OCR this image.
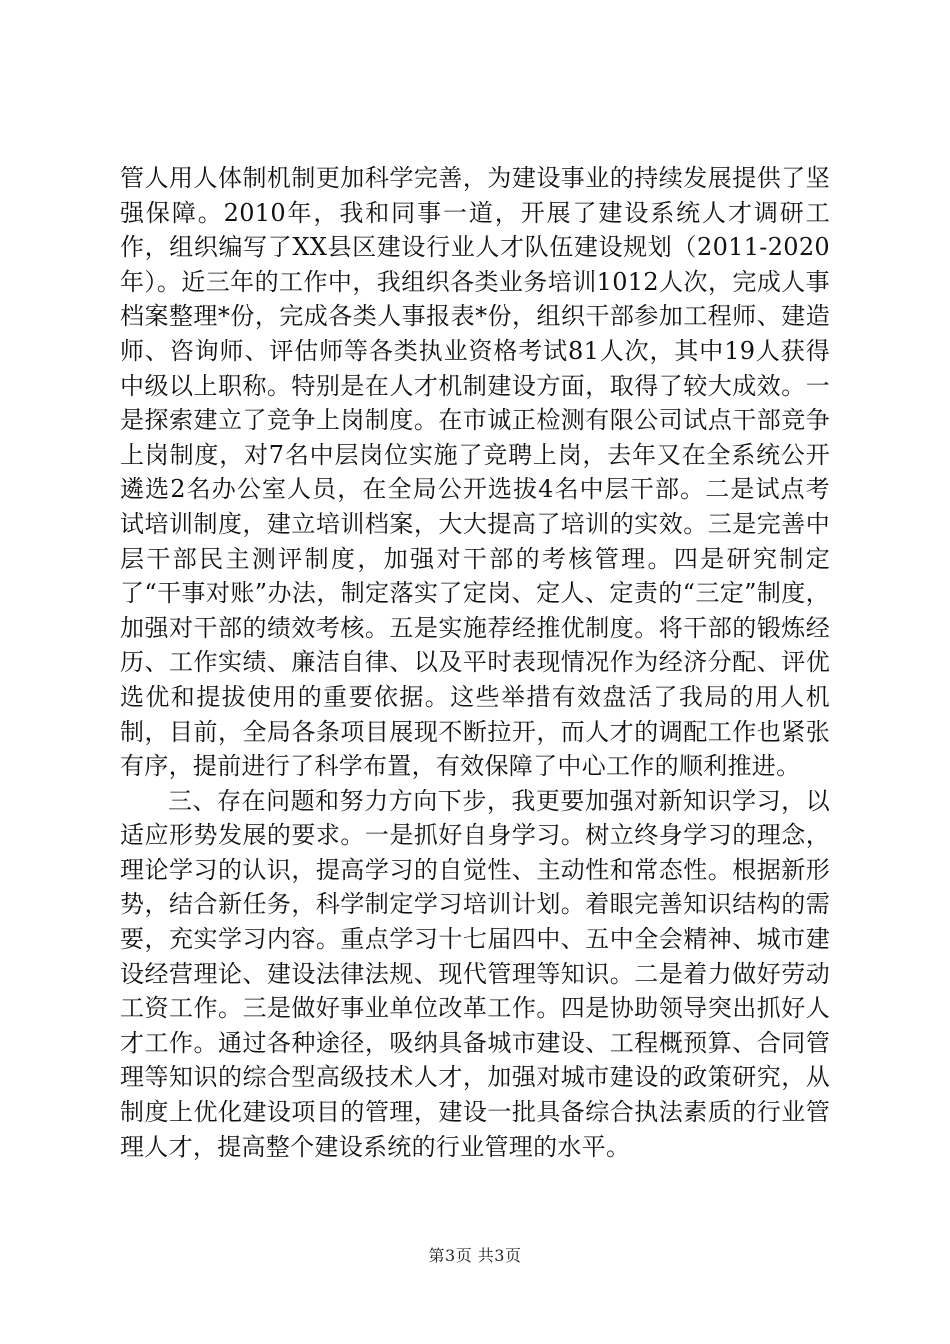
管人用人体制机制更加科学完善，为建设事业的持续发展提供了坚强保障。2010年，我和同事一道，开展了建设系统人才调研工作，组织编写了XX县区建设行业人才队伍建设规划（2011-2020年）。近三年的工作中，我组织各类业务培训1012人次，完成人事档案整理*份，完成各类人事报表*份，组织干部参加工程师、建造师、咨询师、评估师等各类执业资格考试81人次，其中19人获得中级以上职称。特别是在人才机制建设方面，取得了较大成效。一是探索建立了竞争上岗制度。在市诚正检测有限公司试点干部竞争上岗制度，对7名中层岗位实施了竞聘上岗，去年又在全系统公开遴选2名办公室人员，在全局公开选拔4名中层干部。二是试点考试培训制度，建立培训档案，大大提高了培训的实效。三是完善中层干部民主测评制度，加强对干部的考核管理。四是研究制定了“干事对账”办法，制定落实了定岗、定人、定责的“三定”制度，加强对干部的绩效考核。五是实施荐经推优制度。将干部的锻炼经历、工作实绩、廉洁自律、以及平时表现情况作为经济分配、评优选优和提拔使用的重要依据。这些举措有效盘活了我局的用人机制，目前，全局各条项目展现不断拉开，而人才的调配工作也紧张有序，提前进行了科学布置，有效保障了中心工作的顺利推进。

三、存在问题和努力方向下步，我更要加强对新知识学习，以适应形势发展的要求。一是抓好自身学习。树立终身学习的理念，理论学习的认识，提高学习的自觉性、主动性和常态性。根据新形势，结合新任务，科学制定学习培训计划。着眼完善知识结构的需要，充实学习内容。重点学习十七届四中、五中全会精神、城市建设经营理论、建设法律法规、现代管理等知识。二是着力做好劳动工资工作。三是做好事业单位改革工作。四是协助领导突出抓好人才工作。通过各种途径，吸纳具备城市建设、工程概预算、合同管理等知识的综合型高级技术人才，加强对城市建设的政策研究，从制度上优化建设项目的管理，建设一批具备综合执法素质的行业管理人才，提高整个建设系统的行业管理的水平。

第3页 共3页
